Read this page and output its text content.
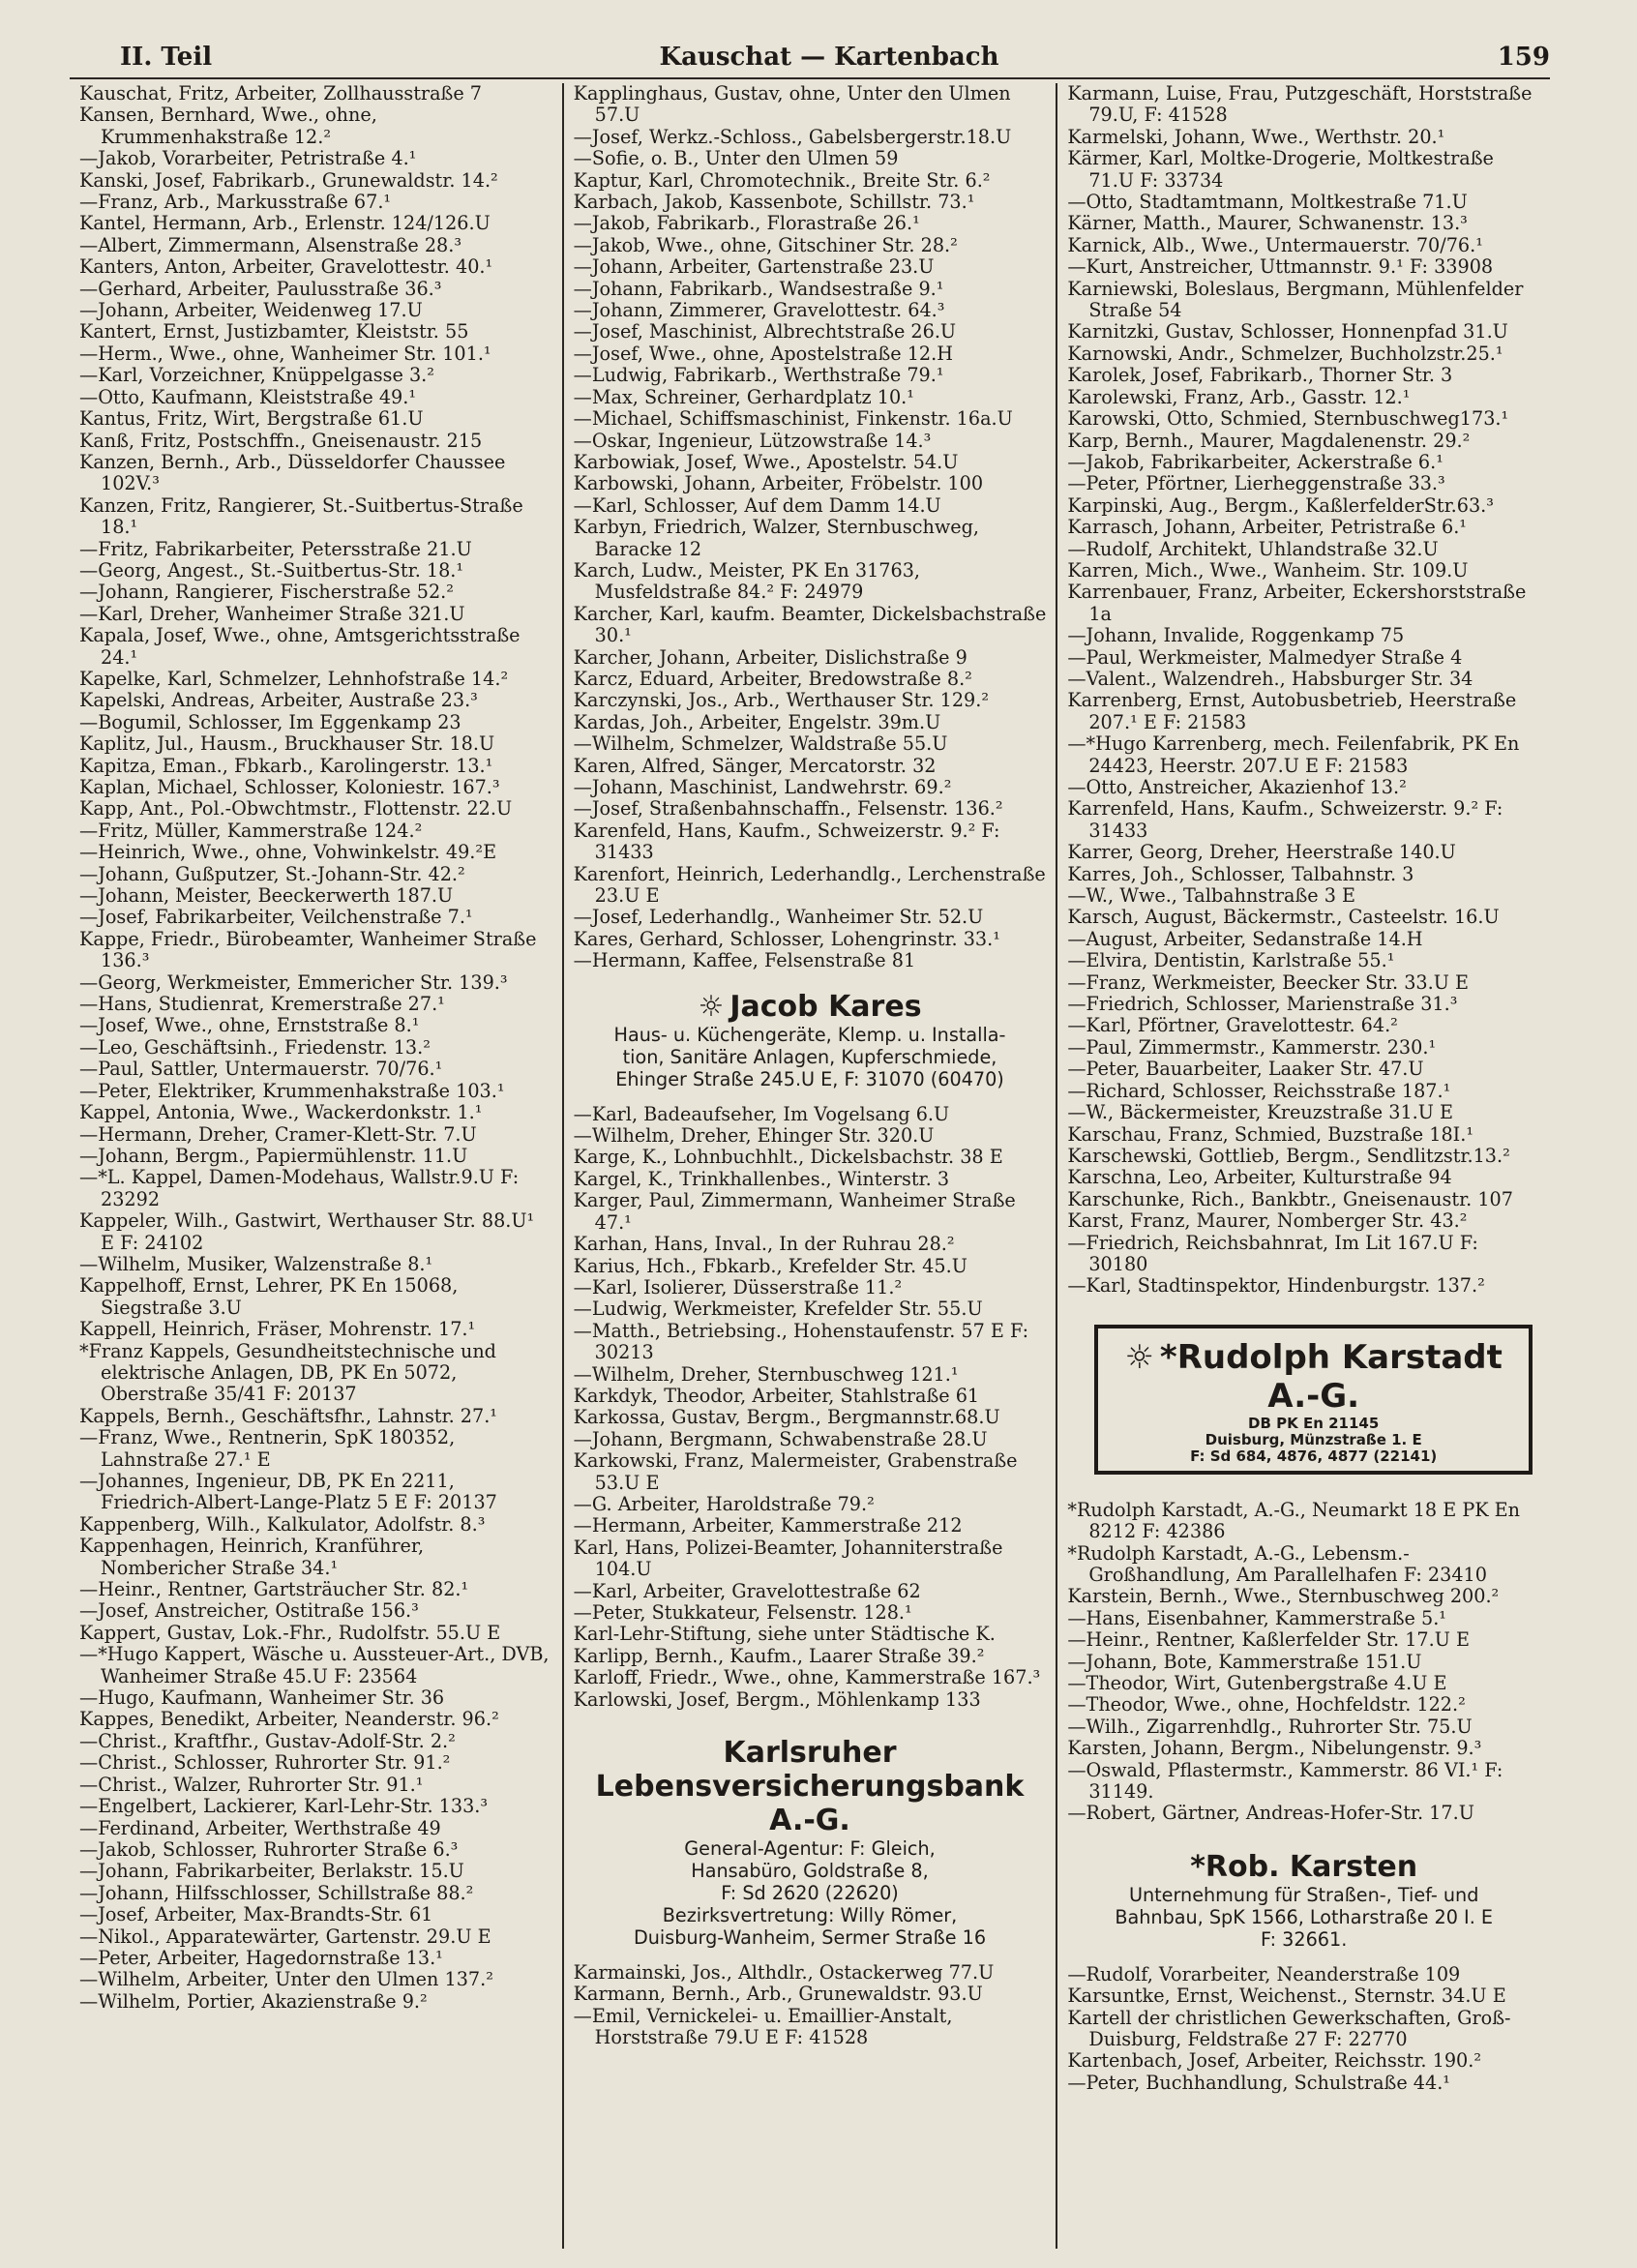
II. Teil	Kauschat — Kartenbach	159
Kauschat, Fritz, Arbeiter, Zollhausstraße 7
Kansen, Bernhard, Wwe., ohne, Krummenhakstraße 12.²
—Jakob, Vorarbeiter, Petristraße 4.¹
Kanski, Josef, Fabrikarb., Grunewaldstr. 14.²
—Franz, Arb., Markusstraße 67.¹
Kantel, Hermann, Arb., Erlenstr. 124/126.U
—Albert, Zimmermann, Alsenstraße 28.³
Kanters, Anton, Arbeiter, Gravelottestr. 40.¹
—Gerhard, Arbeiter, Paulusstraße 36.³
—Johann, Arbeiter, Weidenweg 17.U
Kantert, Ernst, Justizbamter, Kleiststr. 55
—Herm., Wwe., ohne, Wanheimer Str. 101.¹
—Karl, Vorzeichner, Knüppelgasse 3.²
—Otto, Kaufmann, Kleiststraße 49.¹
Kantus, Fritz, Wirt, Bergstraße 61.U
Kanß, Fritz, Postschffn., Gneisenaustr. 215
Kanzen, Bernh., Arb., Düsseldorfer Chaussee 102V.³
Kanzen, Fritz, Rangierer, St.-Suitbertus-Straße 18.¹
—Fritz, Fabrikarbeiter, Petersstraße 21.U
—Georg, Angest., St.-Suitbertus-Str. 18.¹
—Johann, Rangierer, Fischerstraße 52.²
—Karl, Dreher, Wanheimer Straße 321.U
Kapala, Josef, Wwe., ohne, Amtsgerichtsstraße 24.¹
Kapelke, Karl, Schmelzer, Lehnhofstraße 14.²
Kapelski, Andreas, Arbeiter, Austraße 23.³
—Bogumil, Schlosser, Im Eggenkamp 23
Kaplitz, Jul., Hausm., Bruckhauser Str. 18.U
Kapitza, Eman., Fbkarb., Karolingerstr. 13.¹
Kaplan, Michael, Schlosser, Koloniestr. 167.³
Kapp, Ant., Pol.-Obwchtmstr., Flottenstr. 22.U
—Fritz, Müller, Kammerstraße 124.²
—Heinrich, Wwe., ohne, Vohwinkelstr. 49.²E
—Johann, Gußputzer, St.-Johann-Str. 42.²
—Johann, Meister, Beeckerwerth 187.U
—Josef, Fabrikarbeiter, Veilchenstraße 7.¹
Kappe, Friedr., Bürobeamter, Wanheimer Straße 136.³
—Georg, Werkmeister, Emmericher Str. 139.³
—Hans, Studienrat, Kremerstraße 27.¹
—Josef, Wwe., ohne, Ernststraße 8.¹
—Leo, Geschäftsinh., Friedenstr. 13.²
—Paul, Sattler, Untermauerstr. 70/76.¹
—Peter, Elektriker, Krummenhakstraße 103.¹
Kappel, Antonia, Wwe., Wackerdonkstr. 1.¹
—Hermann, Dreher, Cramer-Klett-Str. 7.U
—Johann, Bergm., Papiermühlenstr. 11.U
—*L. Kappel, Damen-Modehaus, Wallstr.9.U F: 23292
Kappeler, Wilh., Gastwirt, Werthauser Str. 88.U¹ E F: 24102
—Wilhelm, Musiker, Walzenstraße 8.¹
Kappelhoff, Ernst, Lehrer, PK En 15068, Siegstraße 3.U
Kappell, Heinrich, Fräser, Mohrenstr. 17.¹
*Franz Kappels, Gesundheitstechnische und elektrische Anlagen, DB, PK En 5072, Oberstraße 35/41 F: 20137
Kappels, Bernh., Geschäftsfhr., Lahnstr. 27.¹
—Franz, Wwe., Rentnerin, SpK 180352, Lahnstraße 27.¹ E
—Johannes, Ingenieur, DB, PK En 2211, Friedrich-Albert-Lange-Platz 5 E F: 20137
Kappenberg, Wilh., Kalkulator, Adolfstr. 8.³
Kappenhagen, Heinrich, Kranführer, Nombericher Straße 34.¹
—Heinr., Rentner, Gartsträucher Str. 82.¹
—Josef, Anstreicher, Ostitraße 156.³
Kappert, Gustav, Lok.-Fhr., Rudolfstr. 55.U E
—*Hugo Kappert, Wäsche u. Aussteuer-Art., DVB, Wanheimer Straße 45.U F: 23564
—Hugo, Kaufmann, Wanheimer Str. 36
Kappes, Benedikt, Arbeiter, Neanderstr. 96.²
—Christ., Kraftfhr., Gustav-Adolf-Str. 2.²
—Christ., Schlosser, Ruhrorter Str. 91.²
—Christ., Walzer, Ruhrorter Str. 91.¹
—Engelbert, Lackierer, Karl-Lehr-Str. 133.³
—Ferdinand, Arbeiter, Werthstraße 49
—Jakob, Schlosser, Ruhrorter Straße 6.³
—Johann, Fabrikarbeiter, Berlakstr. 15.U
—Johann, Hilfsschlosser, Schillstraße 88.²
—Josef, Arbeiter, Max-Brandts-Str. 61
—Nikol., Apparatewärter, Gartenstr. 29.U E
—Peter, Arbeiter, Hagedornstraße 13.¹
—Wilhelm, Arbeiter, Unter den Ulmen 137.²
—Wilhelm, Portier, Akazienstraße 9.²
Kapplinghaus, Gustav, ohne, Unter den Ulmen 57.U
—Josef, Werkz.-Schloss., Gabelsbergerstr.18.U
—Sofie, o. B., Unter den Ulmen 59
Kaptur, Karl, Chromotechnik., Breite Str. 6.²
Karbach, Jakob, Kassenbote, Schillstr. 73.¹
—Jakob, Fabrikarb., Florastraße 26.¹
—Jakob, Wwe., ohne, Gitschiner Str. 28.²
—Johann, Arbeiter, Gartenstraße 23.U
—Johann, Fabrikarb., Wandsestraße 9.¹
—Johann, Zimmerer, Gravelottestr. 64.³
—Josef, Maschinist, Albrechtstraße 26.U
—Josef, Wwe., ohne, Apostelstraße 12.H
—Ludwig, Fabrikarb., Werthstraße 79.¹
—Max, Schreiner, Gerhardplatz 10.¹
—Michael, Schiffsmaschinist, Finkenstr. 16a.U
—Oskar, Ingenieur, Lützowstraße 14.³
Karbowiak, Josef, Wwe., Apostelstr. 54.U
Karbowski, Johann, Arbeiter, Fröbelstr. 100
—Karl, Schlosser, Auf dem Damm 14.U
Karbyn, Friedrich, Walzer, Sternbuschweg, Baracke 12
Karch, Ludw., Meister, PK En 31763, Musfeldstraße 84.² F: 24979
Karcher, Karl, kaufm. Beamter, Dickelsbachstraße 30.¹
Karcher, Johann, Arbeiter, Dislichstraße 9
Karcz, Eduard, Arbeiter, Bredowstraße 8.²
Karczynski, Jos., Arb., Werthauser Str. 129.²
Kardas, Joh., Arbeiter, Engelstr. 39m.U
—Wilhelm, Schmelzer, Waldstraße 55.U
Karen, Alfred, Sänger, Mercatorstr. 32
—Johann, Maschinist, Landwehrstr. 69.²
—Josef, Straßenbahnschaffn., Felsenstr. 136.²
Karenfeld, Hans, Kaufm., Schweizerstr. 9.² F: 31433
Karenfort, Heinrich, Lederhandlg., Lerchenstraße 23.U E
—Josef, Lederhandlg., Wanheimer Str. 52.U
Kares, Gerhard, Schlosser, Lohengrinstr. 33.¹
—Hermann, Kaffee, Felsenstraße 81
☼ Jacob Kares
Haus- u. Küchengeräte, Klemp. u. Installa-
tion, Sanitäre Anlagen, Kupferschmiede,
Ehinger Straße 245.U E, F: 31070 (60470)
—Karl, Badeaufseher, Im Vogelsang 6.U
—Wilhelm, Dreher, Ehinger Str. 320.U
Karge, K., Lohnbuchhlt., Dickelsbachstr. 38 E
Kargel, K., Trinkhallenbes., Winterstr. 3
Karger, Paul, Zimmermann, Wanheimer Straße 47.¹
Karhan, Hans, Inval., In der Ruhrau 28.²
Karius, Hch., Fbkarb., Krefelder Str. 45.U
—Karl, Isolierer, Düsserstraße 11.²
—Ludwig, Werkmeister, Krefelder Str. 55.U
—Matth., Betriebsing., Hohenstaufenstr. 57 E F: 30213
—Wilhelm, Dreher, Sternbuschweg 121.¹
Karkdyk, Theodor, Arbeiter, Stahlstraße 61
Karkossa, Gustav, Bergm., Bergmannstr.68.U
—Johann, Bergmann, Schwabenstraße 28.U
Karkowski, Franz, Malermeister, Grabenstraße 53.U E
—G. Arbeiter, Haroldstraße 79.²
—Hermann, Arbeiter, Kammerstraße 212
Karl, Hans, Polizei-Beamter, Johanniterstraße 104.U
—Karl, Arbeiter, Gravelottestraße 62
—Peter, Stukkateur, Felsenstr. 128.¹
Karl-Lehr-Stiftung, siehe unter Städtische K.
Karlipp, Bernh., Kaufm., Laarer Straße 39.²
Karloff, Friedr., Wwe., ohne, Kammerstraße 167.³
Karlowski, Josef, Bergm., Möhlenkamp 133
Karlsruher
Lebensversicherungsbank A.-G.
General-Agentur: F: Gleich,
Hansabüro, Goldstraße 8,
F: Sd 2620 (22620)
Bezirksvertretung: Willy Römer,
Duisburg-Wanheim, Sermer Straße 16
Karmainski, Jos., Althdlr., Ostackerweg 77.U
Karmann, Bernh., Arb., Grunewaldstr. 93.U
—Emil, Vernickelei- u. Emaillier-Anstalt, Horststraße 79.U E F: 41528
Karmann, Luise, Frau, Putzgeschäft, Horststraße 79.U, F: 41528
Karmelski, Johann, Wwe., Werthstr. 20.¹
Kärmer, Karl, Moltke-Drogerie, Moltkestraße 71.U F: 33734
—Otto, Stadtamtmann, Moltkestraße 71.U
Kärner, Matth., Maurer, Schwanenstr. 13.³
Karnick, Alb., Wwe., Untermauerstr. 70/76.¹
—Kurt, Anstreicher, Uttmannstr. 9.¹ F: 33908
Karniewski, Boleslaus, Bergmann, Mühlenfelder Straße 54
Karnitzki, Gustav, Schlosser, Honnenpfad 31.U
Karnowski, Andr., Schmelzer, Buchholzstr.25.¹
Karolek, Josef, Fabrikarb., Thorner Str. 3
Karolewski, Franz, Arb., Gasstr. 12.¹
Karowski, Otto, Schmied, Sternbuschweg173.¹
Karp, Bernh., Maurer, Magdalenenstr. 29.²
—Jakob, Fabrikarbeiter, Ackerstraße 6.¹
—Peter, Pförtner, Lierheggenstraße 33.³
Karpinski, Aug., Bergm., KaßlerfelderStr.63.³
Karrasch, Johann, Arbeiter, Petristraße 6.¹
—Rudolf, Architekt, Uhlandstraße 32.U
Karren, Mich., Wwe., Wanheim. Str. 109.U
Karrenbauer, Franz, Arbeiter, Eckershorststraße 1a
—Johann, Invalide, Roggenkamp 75
—Paul, Werkmeister, Malmedyer Straße 4
—Valent., Walzendreh., Habsburger Str. 34
Karrenberg, Ernst, Autobusbetrieb, Heerstraße 207.¹ E F: 21583
—*Hugo Karrenberg, mech. Feilenfabrik, PK En 24423, Heerstr. 207.U E F: 21583
—Otto, Anstreicher, Akazienhof 13.²
Karrenfeld, Hans, Kaufm., Schweizerstr. 9.² F: 31433
Karrer, Georg, Dreher, Heerstraße 140.U
Karres, Joh., Schlosser, Talbahnstr. 3
—W., Wwe., Talbahnstraße 3 E
Karsch, August, Bäckermstr., Casteelstr. 16.U
—August, Arbeiter, Sedanstraße 14.H
—Elvira, Dentistin, Karlstraße 55.¹
—Franz, Werkmeister, Beecker Str. 33.U E
—Friedrich, Schlosser, Marienstraße 31.³
—Karl, Pförtner, Gravelottestr. 64.²
—Paul, Zimmermstr., Kammerstr. 230.¹
—Peter, Bauarbeiter, Laaker Str. 47.U
—Richard, Schlosser, Reichsstraße 187.¹
—W., Bäckermeister, Kreuzstraße 31.U E
Karschau, Franz, Schmied, Buzstraße 18I.¹
Karschewski, Gottlieb, Bergm., Sendlitzstr.13.²
Karschna, Leo, Arbeiter, Kulturstraße 94
Karschunke, Rich., Bankbtr., Gneisenaustr. 107
Karst, Franz, Maurer, Nomberger Str. 43.²
—Friedrich, Reichsbahnrat, Im Lit 167.U F: 30180
—Karl, Stadtinspektor, Hindenburgstr. 137.²
☼ *Rudolph Karstadt A.-G.
DB PK En 21145
Duisburg, Münzstraße 1. E
F: Sd 684, 4876, 4877 (22141)
*Rudolph Karstadt, A.-G., Neumarkt 18 E PK En 8212 F: 42386
*Rudolph Karstadt, A.-G., Lebensm.-Großhandlung, Am Parallelhafen F: 23410
Karstein, Bernh., Wwe., Sternbuschweg 200.²
—Hans, Eisenbahner, Kammerstraße 5.¹
—Heinr., Rentner, Kaßlerfelder Str. 17.U E
—Johann, Bote, Kammerstraße 151.U
—Theodor, Wirt, Gutenbergstraße 4.U E
—Theodor, Wwe., ohne, Hochfeldstr. 122.²
—Wilh., Zigarrenhdlg., Ruhrorter Str. 75.U
Karsten, Johann, Bergm., Nibelungenstr. 9.³
—Oswald, Pflastermstr., Kammerstr. 86 VI.¹ F: 31149.
—Robert, Gärtner, Andreas-Hofer-Str. 17.U
*Rob. Karsten
Unternehmung für Straßen-, Tief- und
Bahnbau, SpK 1566, Lotharstraße 20 I. E
F: 32661.
—Rudolf, Vorarbeiter, Neanderstraße 109
Karsuntke, Ernst, Weichenst., Sternstr. 34.U E
Kartell der christlichen Gewerkschaften, Groß-Duisburg, Feldstraße 27 F: 22770
Kartenbach, Josef, Arbeiter, Reichsstr. 190.²
—Peter, Buchhandlung, Schulstraße 44.¹
